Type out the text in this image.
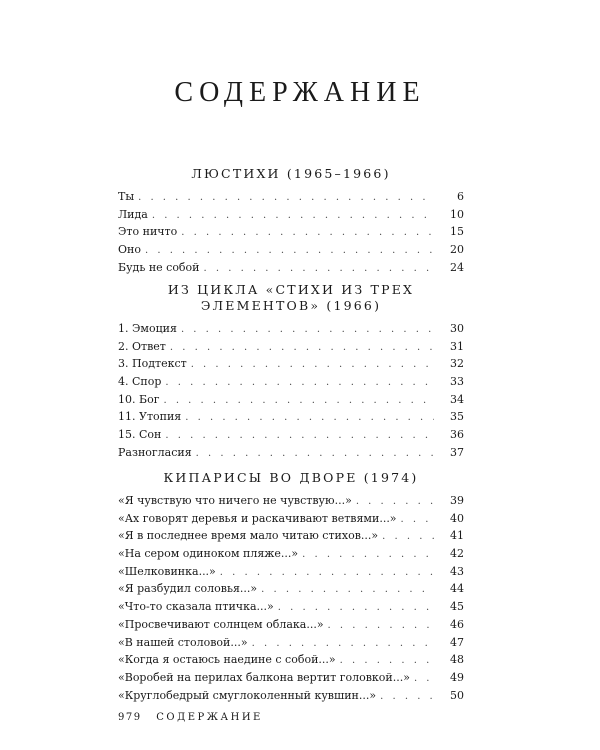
СОДЕРЖАНИЕ
ЛЮСТИХИ (1965–1966)
Ты . . .	6
Лида . . .	10
Это ничто . . .	15
Оно . . .	20
Будь не собой . . .	24
ИЗ ЦИКЛА «СТИХИ ИЗ ТРЕХ
ЭЛЕМЕНТОВ» (1966)
1. Эмоция . . .	30
2. Ответ . . .	31
3. Подтекст . . .	32
4. Спор . . .	33
10. Бог . . .	34
11. Утопия . . .	35
15. Сон . . .	36
Разногласия . . .	37
КИПАРИСЫ ВО ДВОРЕ (1974)
«Я чувствую что ничего не чувствую...» . . .	39
«Ах говорят деревья и раскачивают ветвями...» . . .	40
«Я в последнее время мало читаю стихов...» . . .	41
«На сером одиноком пляже...» . . .	42
«Шелковинка...» . . .	43
«Я разбудил соловья...» . . .	44
«Что-то сказала птичка...» . . .	45
«Просвечивают солнцем облака...» . . .	46
«В нашей столовой...» . . .	47
«Когда я остаюсь наедине с собой...» . . .	48
«Воробей на перилах балкона вертит головкой...» . . .	49
«Круглобедрый смуглоколенный кувшин...» . . .	50
979 СОДЕРЖАНИЕ
